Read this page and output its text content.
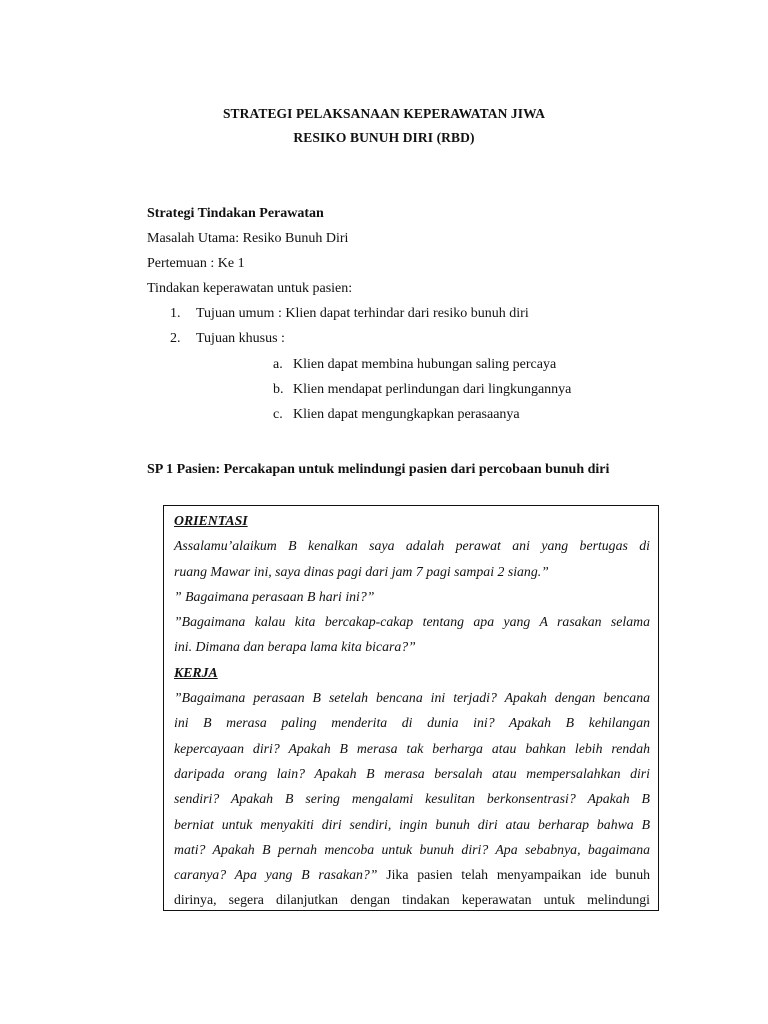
STRATEGI PELAKSANAAN KEPERAWATAN JIWA
RESIKO BUNUH DIRI (RBD)
Strategi Tindakan Perawatan
Masalah Utama: Resiko Bunuh Diri
Pertemuan : Ke 1
Tindakan keperawatan untuk pasien:
1. Tujuan umum : Klien dapat terhindar dari resiko bunuh diri
2. Tujuan khusus :
a. Klien dapat membina hubungan saling percaya
b. Klien mendapat perlindungan dari lingkungannya
c. Klien dapat mengungkapkan perasaanya
SP 1 Pasien: Percakapan untuk melindungi pasien dari percobaan bunuh diri

ORIENTASI

Assalamu’alaikum B kenalkan saya adalah perawat ani yang bertugas di

ruang Mawar ini, saya dinas pagi dari jam 7 pagi sampai 2 siang.”

” Bagaimana perasaan B hari ini?”

”Bagaimana kalau kita bercakap-cakap tentang apa yang A rasakan selama

ini. Dimana dan berapa lama kita bicara?”

KERJA

”Bagaimana perasaan B setelah bencana ini terjadi? Apakah dengan bencana

ini B merasa paling menderita di dunia ini? Apakah B kehilangan

kepercayaan diri? Apakah B merasa tak berharga atau bahkan lebih rendah

daripada orang lain? Apakah B merasa bersalah atau mempersalahkan diri

sendiri? Apakah B sering mengalami kesulitan berkonsentrasi? Apakah B

berniat untuk menyakiti diri sendiri, ingin bunuh diri atau berharap bahwa B

mati? Apakah B pernah mencoba untuk bunuh diri? Apa sebabnya, bagaimana

caranya? Apa yang B rasakan?” Jika pasien telah menyampaikan ide bunuh

dirinya, segera dilanjutkan dengan tindakan keperawatan untuk melindungi
